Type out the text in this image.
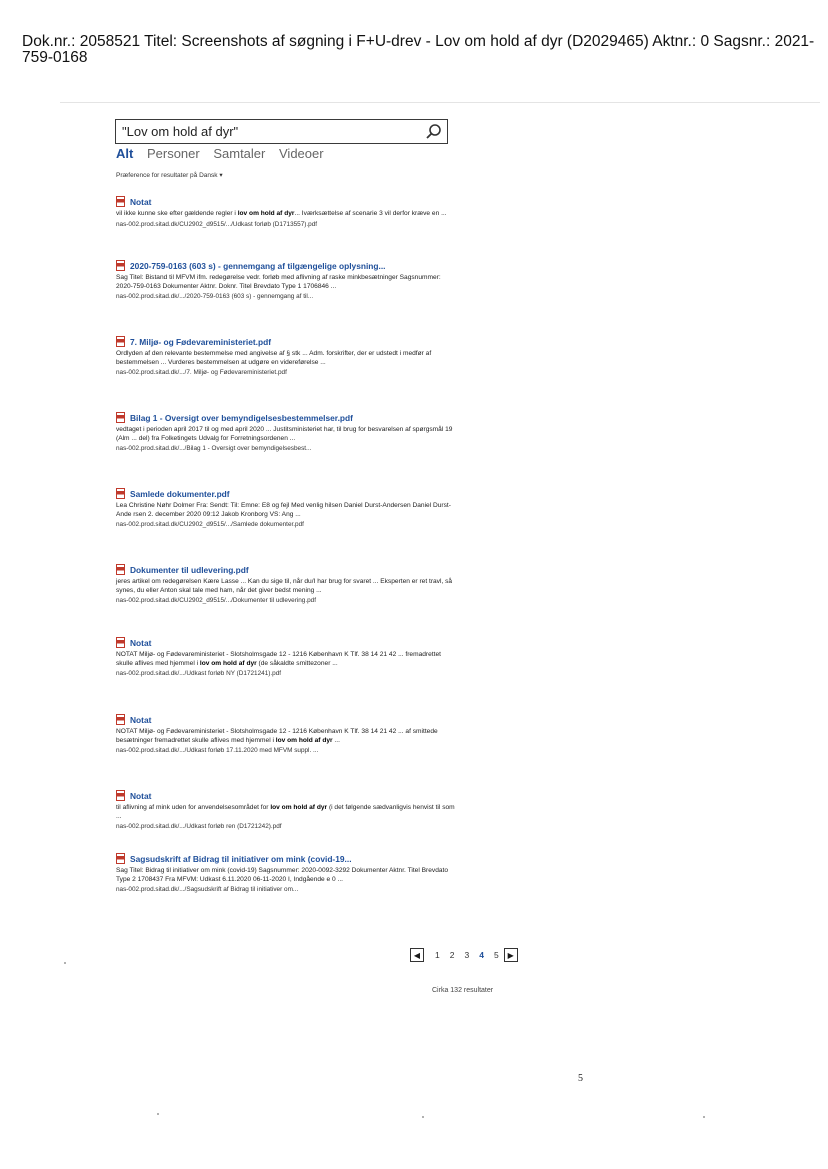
Dok.nr.: 2058521 Titel: Screenshots af søgning i F+U-drev - Lov om hold af dyr (D2029465) Aktnr.: 0 Sagsnr.: 2021-759-0168
"Lov om hold af dyr"
Alt Personer Samtaler Videoer
Præference for resultater på Dansk ▾
Notat
vil ikke kunne ske efter gældende regler i lov om hold af dyr... Iværksættelse af scenarie 3 vil derfor kræve en ...
nas-002.prod.sitad.dk/CU2902_d9515/.../Udkast forløb (D1713557).pdf
2020-759-0163 (603 s) - gennemgang af tilgængelige oplysning...
Sag Titel: Bistand til MFVM ifm. redegørelse vedr. forløb med aflivning af raske minkbesætninger Sagsnummer: 2020-759-0163 Dokumenter Aktnr. Doknr. Titel Brevdato Type 1 1706846 ...
nas-002.prod.sitad.dk/.../2020-759-0163 (603 s) - gennemgang af til...
7. Miljø- og Fødevareministeriet.pdf
Ordlyden af den relevante bestemmelse med angivelse af § stk ... Adm. forskrifter, der er udstedt i medfør af bestemmelsen ... Vurderes bestemmelsen at udgøre en videreførelse ...
nas-002.prod.sitad.dk/.../7. Miljø- og Fødevareministeriet.pdf
Bilag 1 - Oversigt over bemyndigelsesbestemmelser.pdf
vedtaget i perioden april 2017 til og med april 2020 ... Justitsministeriet har, til brug for besvarelsen af spørgsmål 19 (Alm ... del) fra Folketingets Udvalg for Forretningsordenen ...
nas-002.prod.sitad.dk/.../Bilag 1 - Oversigt over bemyndigelsesbest...
Samlede dokumenter.pdf
Lea Christine Nøhr Dolmer Fra: Sendt: Til: Emne: E8 og fejl Med venlig hilsen Daniel Durst-Andersen Daniel Durst-Ande rsen 2. december 2020 09:12 Jakob Kronborg VS: Ang ...
nas-002.prod.sitad.dk/CU2902_d9515/.../Samlede dokumenter.pdf
Dokumenter til udlevering.pdf
jeres artikel om redegørelsen Kære Lasse ... Kan du sige til, når du/I har brug for svaret ... Eksperten er ret travl, så synes, du eller Anton skal tale med ham, når det giver bedst mening ...
nas-002.prod.sitad.dk/CU2902_d9515/.../Dokumenter til udlevering.pdf
Notat
NOTAT Miljø- og Fødevareministeriet - Slotsholmsgade 12 - 1216 København K Tlf. 38 14 21 42 ... fremadrettet skulle aflives med hjemmel i lov om hold af dyr (de såkaldte smittezoner ...
nas-002.prod.sitad.dk/.../Udkast forløb NY (D1721241).pdf
Notat
NOTAT Miljø- og Fødevareministeriet - Slotsholmsgade 12 - 1216 København K Tlf. 38 14 21 42 ... af smittede besætninger fremadrettet skulle aflives med hjemmel i lov om hold af dyr ...
nas-002.prod.sitad.dk/.../Udkast forløb 17.11.2020 med MFVM suppl. ...
Notat
til aflivning af mink uden for anvendelsesområdet for lov om hold af dyr (i det følgende sædvanligvis henvist til som ...
nas-002.prod.sitad.dk/.../Udkast forløb ren (D1721242).pdf
Sagsudskrift af Bidrag til initiativer om mink (covid-19...
Sag Titel: Bidrag til initiativer om mink (covid-19) Sagsnummer: 2020-0092-3292 Dokumenter Aktnr. Titel Brevdato Type 2 1708437 Fra MFVM: Udkast 6.11.2020 06-11-2020 I, Indgående e 0 ...
nas-002.prod.sitad.dk/.../Sagsudskrift af Bidrag til initiativer om...
◀	1 2 3 4 5	▶
Cirka 132 resultater
5
